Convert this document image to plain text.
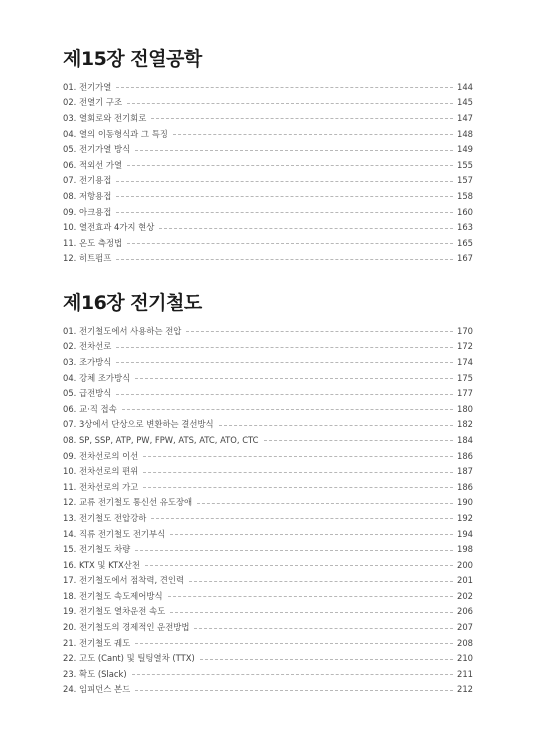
제15장 전열공학
01. 전기가열	144
02. 전열기 구조	145
03. 열회로와 전기회로	147
04. 열의 이동형식과 그 특징	148
05. 전기가열 방식	149
06. 적외선 가열	155
07. 전기용접	157
08. 저항용접	158
09. 아크용접	160
10. 열전효과 4가지 현상	163
11. 온도 측정법	165
12. 히트펌프	167
제16장 전기철도
01. 전기철도에서 사용하는 전압	170
02. 전차선로	172
03. 조가방식	174
04. 강체 조가방식	175
05. 급전방식	177
06. 교·직 접속	180
07. 3상에서 단상으로 변환하는 결선방식	182
08. SP, SSP, ATP, PW, FPW, ATS, ATC, ATO, CTC	184
09. 전차선로의 이선	186
10. 전차선로의 편위	187
11. 전차선로의 가고	186
12. 교류 전기철도 통신선 유도장애	190
13. 전기철도 전압강하	192
14. 직류 전기철도 전기부식	194
15. 전기철도 차량	198
16. KTX 및 KTX산천	200
17. 전기철도에서 점착력, 견인력	201
18. 전기철도 속도제어방식	202
19. 전기철도 열차운전 속도	206
20. 전기철도의 경제적인 운전방법	207
21. 전기철도 궤도	208
22. 고도 (Cant) 및 틸팅열차 (TTX)	210
23. 확도 (Slack)	211
24. 임피던스 본드	212
